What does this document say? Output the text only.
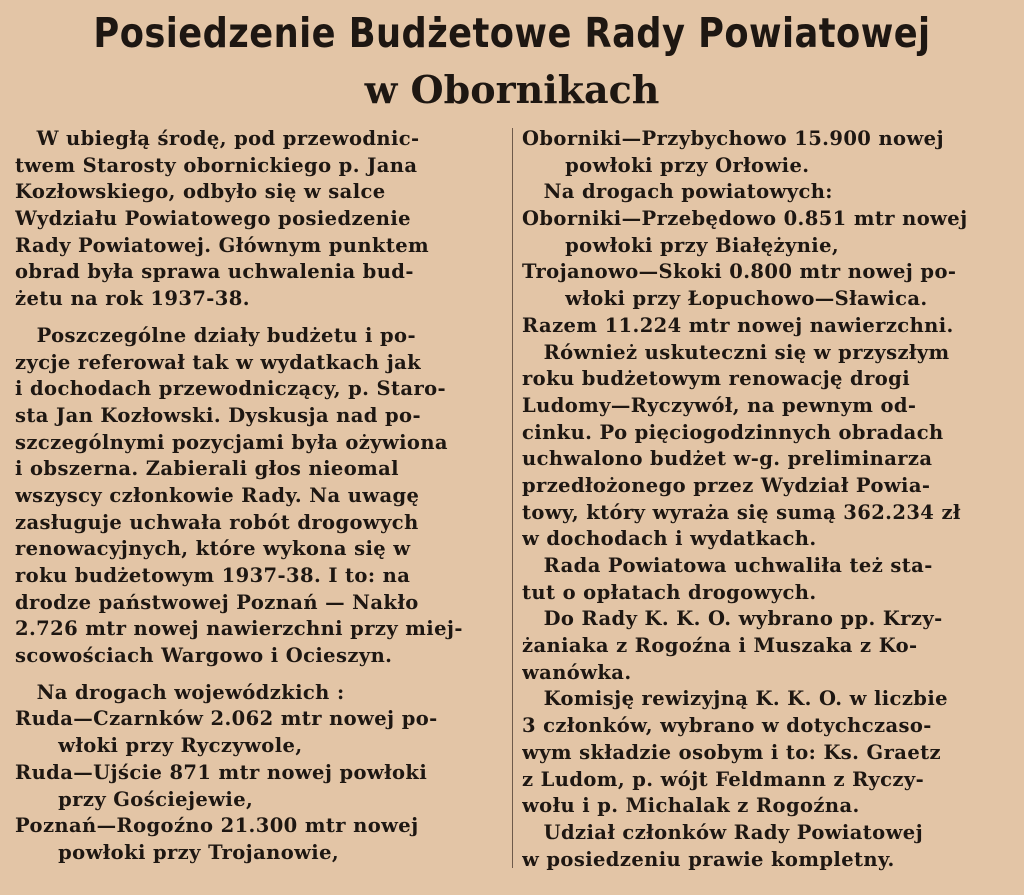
Posiedzenie Budżetowe Rady Powiatowej
w Obornikach
W ubiegłą środę, pod przewodnic-
twem Starosty obornickiego p. Jana
Kozłowskiego, odbyło się w salce
Wydziału Powiatowego posiedzenie
Rady Powiatowej. Głównym punktem
obrad była sprawa uchwalenia bud-
żetu na rok 1937-38.
Poszczególne działy budżetu i po-
zycje referował tak w wydatkach jak
i dochodach przewodniczący, p. Staro-
sta Jan Kozłowski. Dyskusja nad po-
szczególnymi pozycjami była ożywiona
i obszerna. Zabierali głos nieomal
wszyscy członkowie Rady. Na uwagę
zasługuje uchwała robót drogowych
renowacyjnych, które wykona się w
roku budżetowym 1937-38. I to: na
drodze państwowej Poznań — Nakło
2.726 mtr nowej nawierzchni przy miej-
scowościach Wargowo i Ocieszyn.
Na drogach wojewódzkich :
Ruda—Czarnków 2.062 mtr nowej po-
włoki przy Ryczywole,
Ruda—Ujście 871 mtr nowej powłoki
przy Gościejewie,
Poznań—Rogoźno 21.300 mtr nowej
powłoki przy Trojanowie,
Oborniki—Przybychowo 15.900 nowej
powłoki przy Orłowie.
Na drogach powiatowych:
Oborniki—Przebędowo 0.851 mtr nowej
powłoki przy Białężynie,
Trojanowo—Skoki 0.800 mtr nowej po-
włoki przy Łopuchowo—Sławica.
Razem 11.224 mtr nowej nawierzchni.
Również uskuteczni się w przyszłym
roku budżetowym renowację drogi
Ludomy—Ryczywół, na pewnym od-
cinku. Po pięciogodzinnych obradach
uchwalono budżet w-g. preliminarza
przedłożonego przez Wydział Powia-
towy, który wyraża się sumą 362.234 zł
w dochodach i wydatkach.
Rada Powiatowa uchwaliła też sta-
tut o opłatach drogowych.
Do Rady K. K. O. wybrano pp. Krzy-
żaniaka z Rogoźna i Muszaka z Ko-
wanówka.
Komisję rewizyjną K. K. O. w liczbie
3 członków, wybrano w dotychczaso-
wym składzie osobym i to: Ks. Graetz
z Ludom, p. wójt Feldmann z Ryczy-
wołu i p. Michalak z Rogoźna.
Udział członków Rady Powiatowej
w posiedzeniu prawie kompletny.
